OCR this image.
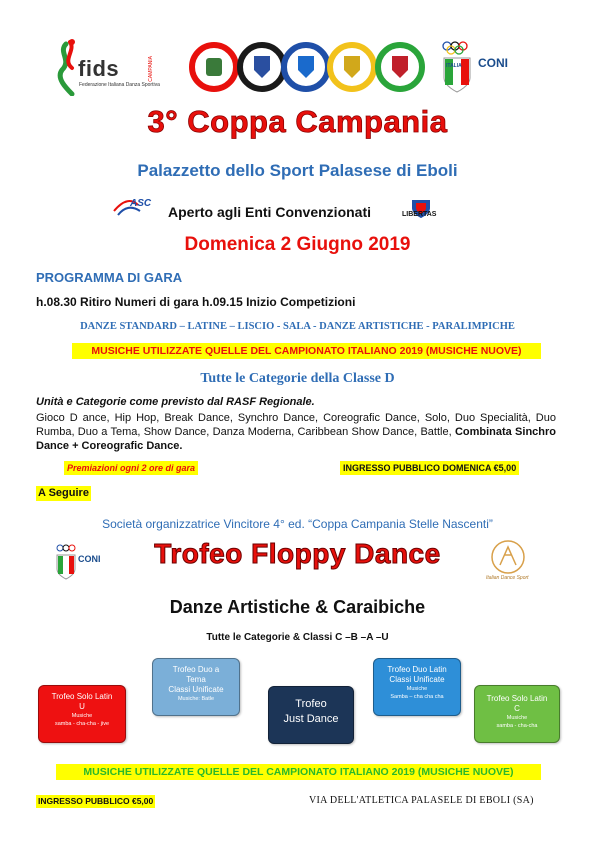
fids
Federazione Italiana Danza Sportiva
CAMPANIA	ITALIA CONI
3° Coppa Campania
Palazzetto dello Sport Palasese di Eboli
ASC
Aperto agli Enti Convenzionati	LIBERTAS
Domenica 2 Giugno 2019
PROGRAMMA DI GARA
h.08.30 Ritiro Numeri di gara h.09.15 Inizio Competizioni
DANZE STANDARD – LATINE – LISCIO - SALA - DANZE ARTISTICHE - PARALIMPICHE
MUSICHE UTILIZZATE QUELLE DEL CAMPIONATO ITALIANO 2019 (MUSICHE NUOVE)
Tutte le Categorie della Classe D
Unità e Categorie come previsto dal RASF Regionale.
Gioco D ance, Hip Hop, Break Dance, Synchro Dance, Coreografic Dance, Solo, Duo Specialità, Duo Rumba, Duo a Tema, Show Dance, Danza Moderna, Caribbean Show Dance, Battle, Combinata Sinchro Dance + Coreografic Dance.
Premiazioni ogni 2 ore di gara	INGRESSO PUBBLICO DOMENICA €5,00
A Seguire
Società organizzatrice Vincitore 4° ed. “Coppa Campania Stelle Nascenti”
CONI	Trofeo Floppy Dance
Italian Dance Sport
Danze Artistiche & Caraibiche
Tutte le Categorie & Classi C –B –A –U
Trofeo Solo Latin
U
Musiche
samba - cha-cha - jive
Trofeo Duo a
Tema
Classi Unificate
Musiche: Batle	Trofeo
Just Dance
Trofeo Duo Latin
Classi Unificate
Musiche
Samba – cha cha cha	Trofeo Solo Latin
C
Musiche
samba - cha-cha
MUSICHE UTILIZZATE QUELLE DEL CAMPIONATO ITALIANO 2019 (MUSICHE NUOVE)
INGRESSO PUBBLICO €5,00	VIA DELL'ATLETICA PALASELE DI EBOLI (SA)
